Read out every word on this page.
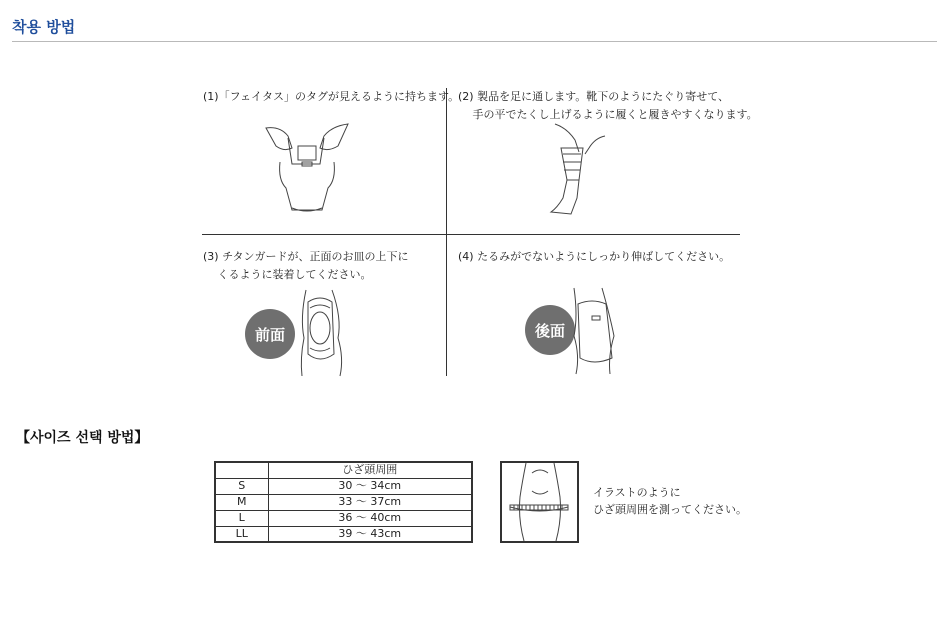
착용 방법
(1)「フェイタス」のタグが見えるように持ちます。
(2) 製品を足に通します。靴下のようにたぐり寄せて、
　 手の平でたくし上げるように履くと履きやすくなります。
(3) チタンガードが、正面のお皿の上下に
　 くるように装着してください。
前面
(4) たるみがでないようにしっかり伸ばしてください。
後面
【사이즈 선택 방법】
	ひざ頭周囲
S	30 ～ 34cm
M	33 ～ 37cm
L	36 ～ 40cm
LL	39 ～ 43cm
イラストのように
ひざ頭周囲を測ってください。
